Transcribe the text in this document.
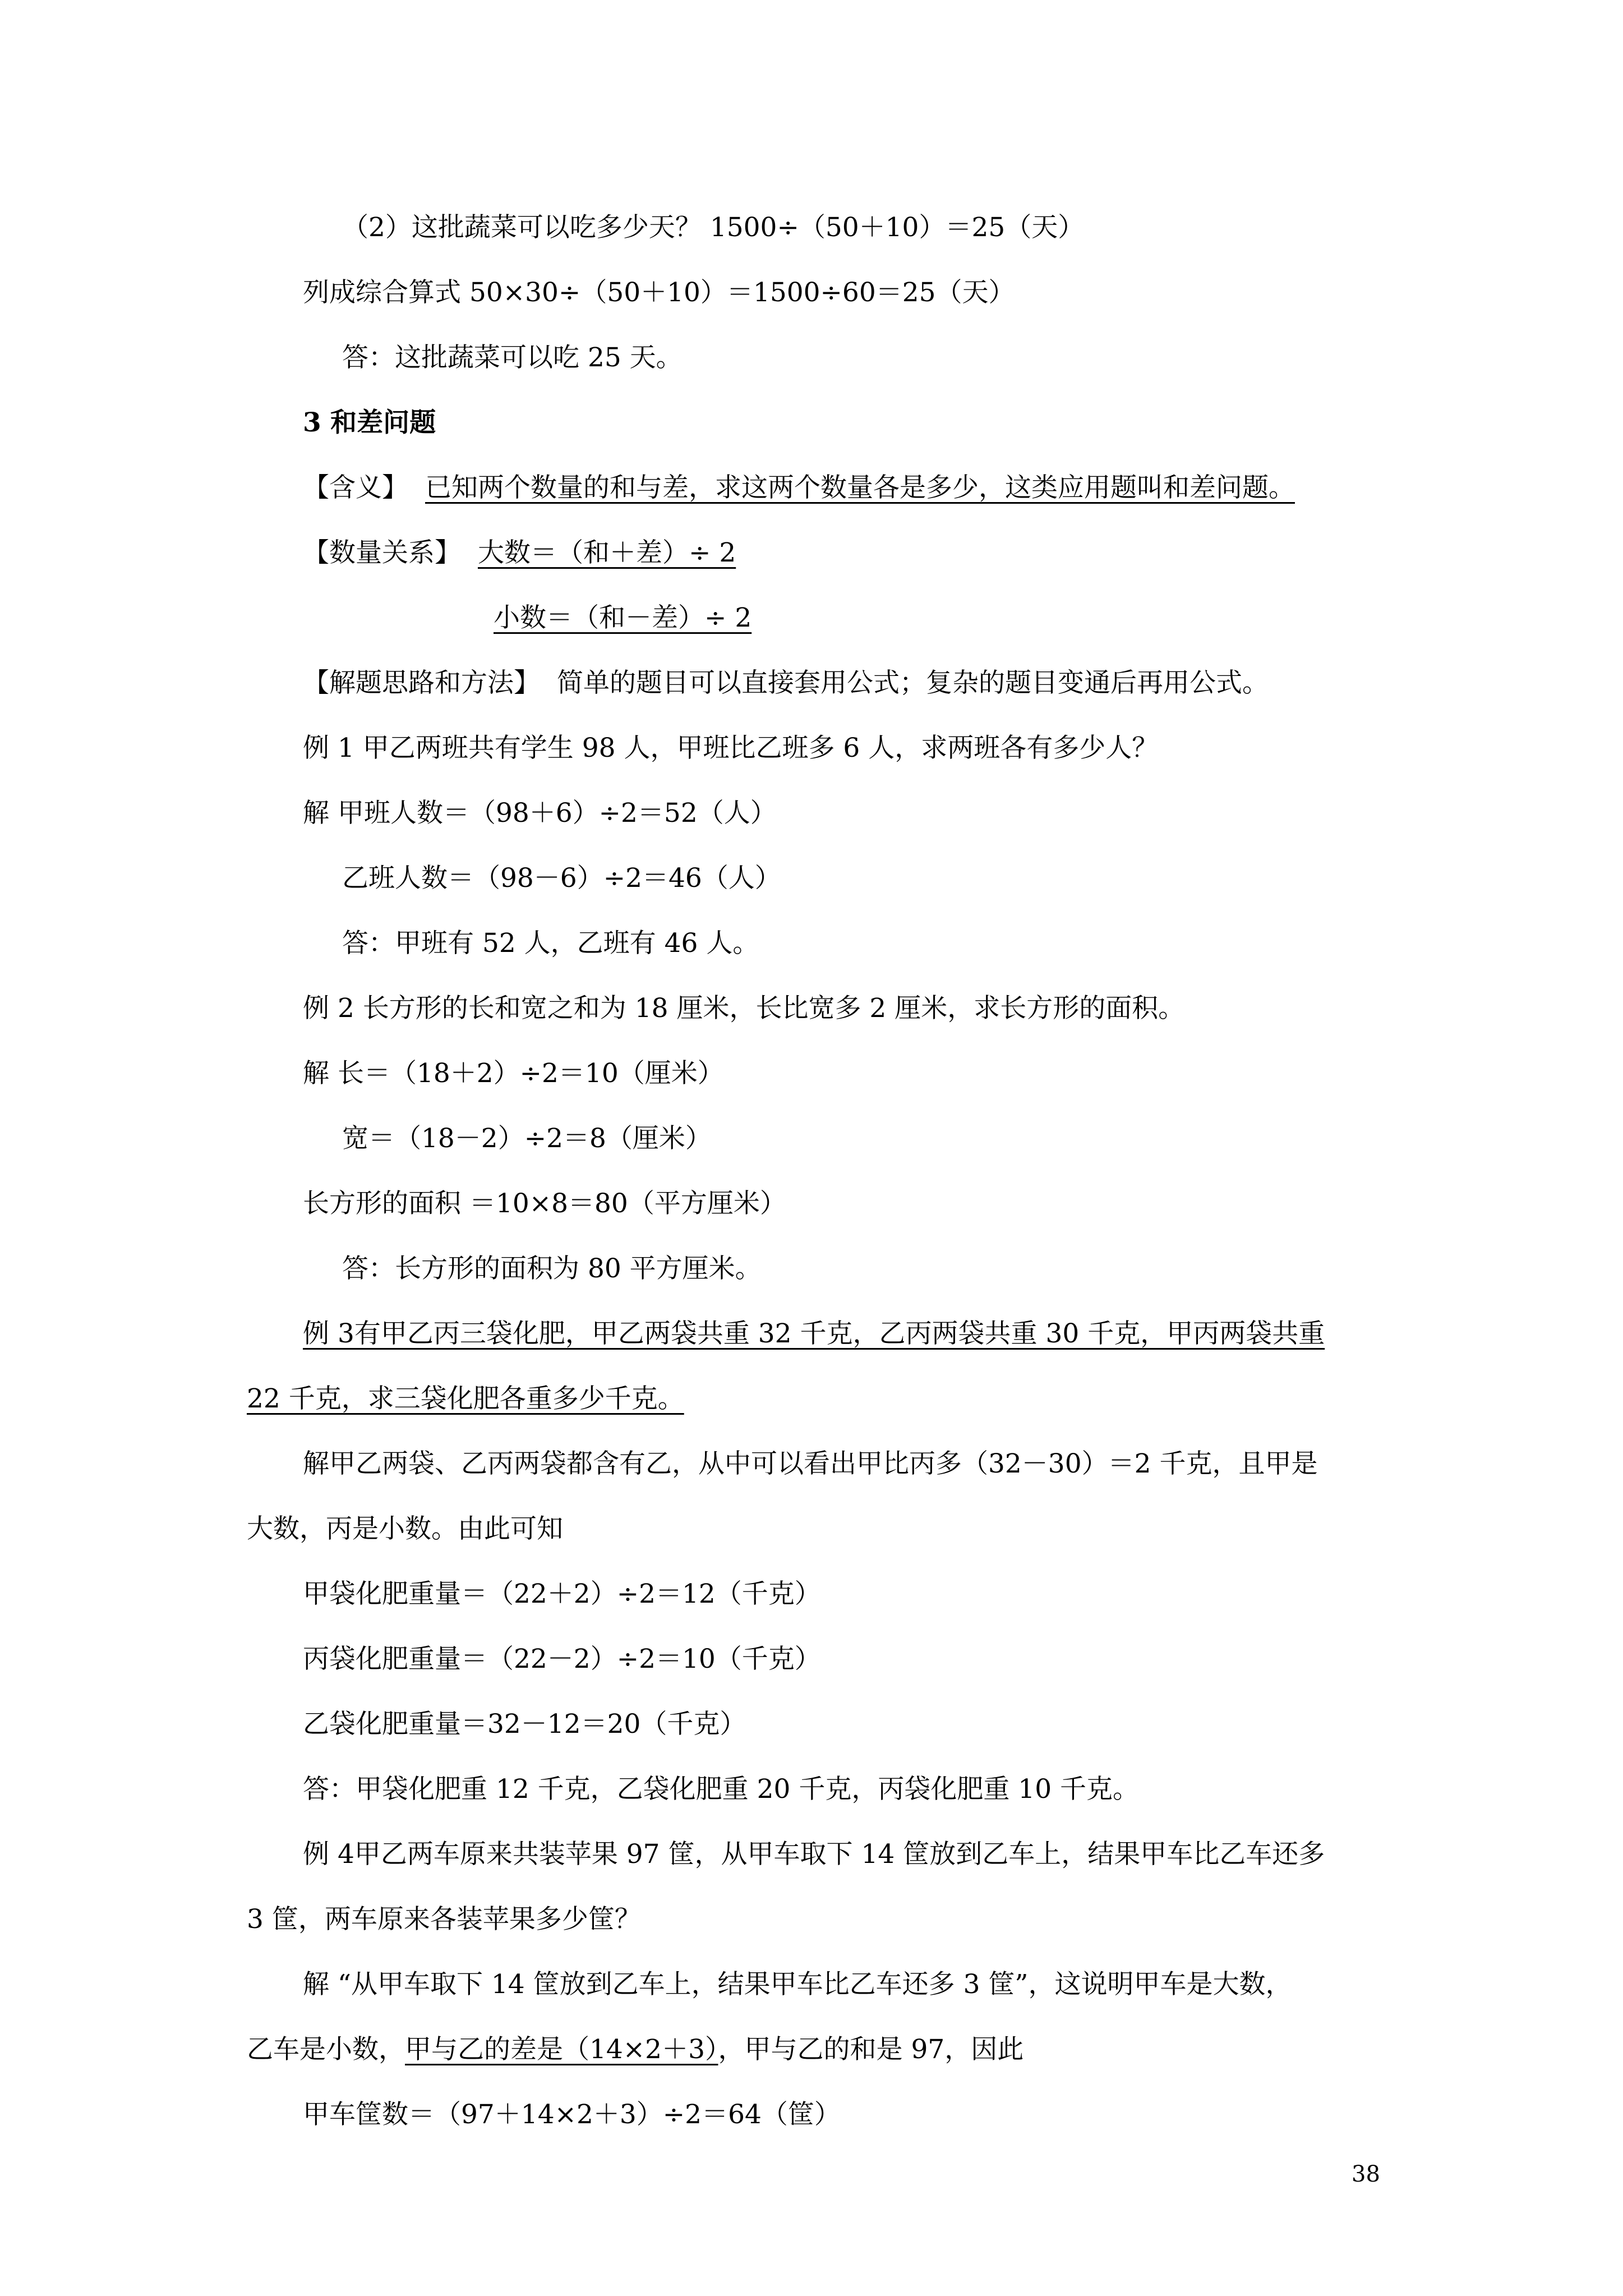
（2）这批蔬菜可以吃多少天？ 1500÷（50＋10）＝25（天）
列成综合算式 50×30÷（50＋10）＝1500÷60＝25（天）
答：这批蔬菜可以吃 25 天。
3 和差问题
【含义】 已知两个数量的和与差，求这两个数量各是多少，这类应用题叫和差问题。
【数量关系】 大数＝（和＋差）÷ 2
小数＝（和－差）÷ 2
【解题思路和方法】 简单的题目可以直接套用公式；复杂的题目变通后再用公式。
例 1 甲乙两班共有学生 98 人，甲班比乙班多 6 人，求两班各有多少人？
解 甲班人数＝（98＋6）÷2＝52（人）
乙班人数＝（98－6）÷2＝46（人）
答：甲班有 52 人，乙班有 46 人。
例 2 长方形的长和宽之和为 18 厘米，长比宽多 2 厘米，求长方形的面积。
解 长＝（18＋2）÷2＝10（厘米）
宽＝（18－2）÷2＝8（厘米）
长方形的面积 ＝10×8＝80（平方厘米）
答：长方形的面积为 80 平方厘米。
例 3有甲乙丙三袋化肥，甲乙两袋共重 32 千克，乙丙两袋共重 30 千克，甲丙两袋共重
22 千克，求三袋化肥各重多少千克。
解甲乙两袋、乙丙两袋都含有乙，从中可以看出甲比丙多（32－30）＝2 千克，且甲是
大数，丙是小数。由此可知
甲袋化肥重量＝（22＋2）÷2＝12（千克）
丙袋化肥重量＝（22－2）÷2＝10（千克）
乙袋化肥重量＝32－12＝20（千克）
答：甲袋化肥重 12 千克，乙袋化肥重 20 千克，丙袋化肥重 10 千克。
例 4甲乙两车原来共装苹果 97 筐，从甲车取下 14 筐放到乙车上，结果甲车比乙车还多
3 筐，两车原来各装苹果多少筐？
解 “从甲车取下 14 筐放到乙车上，结果甲车比乙车还多 3 筐”，这说明甲车是大数，
乙车是小数，甲与乙的差是（14×2＋3），甲与乙的和是 97，因此
甲车筐数＝（97＋14×2＋3）÷2＝64（筐）
38
